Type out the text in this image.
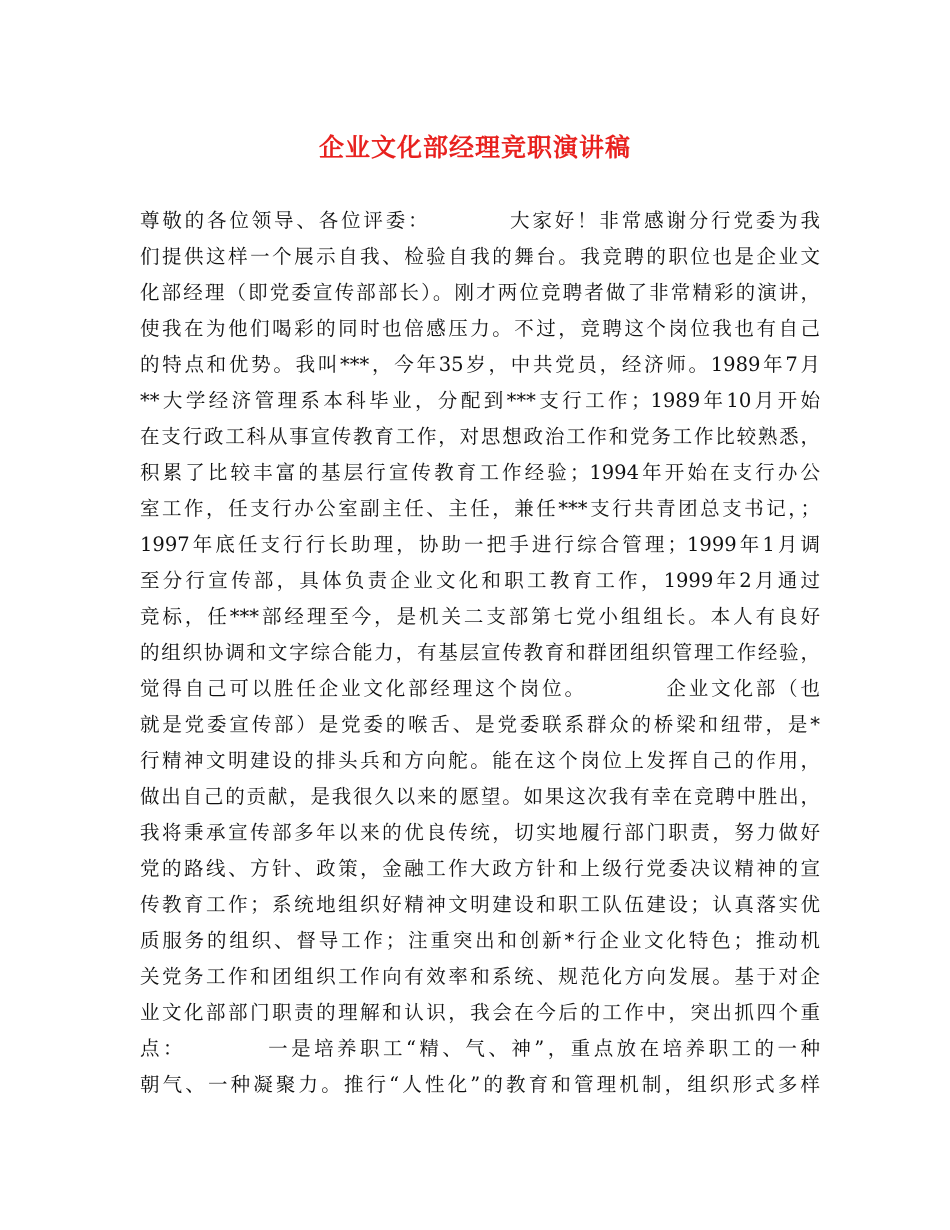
企业文化部经理竞职演讲稿
尊敬的各位领导、各位评委：　　　　大家好！非常感谢分行党委为我
们提供这样一个展示自我、检验自我的舞台。我竞聘的职位也是企业文
化部经理（即党委宣传部部长）。刚才两位竞聘者做了非常精彩的演讲，
使我在为他们喝彩的同时也倍感压力。不过，竞聘这个岗位我也有自己
的特点和优势。我叫***，今年35岁，中共党员，经济师。1989年7月
**大学经济管理系本科毕业，分配到***支行工作；1989年10月开始
在支行政工科从事宣传教育工作，对思想政治工作和党务工作比较熟悉，
积累了比较丰富的基层行宣传教育工作经验；1994年开始在支行办公
室工作，任支行办公室副主任、主任，兼任***支行共青团总支书记，；
1997年底任支行行长助理，协助一把手进行综合管理；1999年1月调
至分行宣传部，具体负责企业文化和职工教育工作，1999年2月通过
竞标，任***部经理至今，是机关二支部第七党小组组长。本人有良好
的组织协调和文字综合能力，有基层宣传教育和群团组织管理工作经验，
觉得自己可以胜任企业文化部经理这个岗位。　　　　企业文化部（也
就是党委宣传部）是党委的喉舌、是党委联系群众的桥梁和纽带，是*
行精神文明建设的排头兵和方向舵。能在这个岗位上发挥自己的作用，
做出自己的贡献，是我很久以来的愿望。如果这次我有幸在竞聘中胜出，
我将秉承宣传部多年以来的优良传统，切实地履行部门职责，努力做好
党的路线、方针、政策，金融工作大政方针和上级行党委决议精神的宣
传教育工作；系统地组织好精神文明建设和职工队伍建设；认真落实优
质服务的组织、督导工作；注重突出和创新*行企业文化特色；推动机
关党务工作和团组织工作向有效率和系统、规范化方向发展。基于对企
业文化部部门职责的理解和认识，我会在今后的工作中，突出抓四个重
点：　　　　一是培养职工“精、气、神”，重点放在培养职工的一种
朝气、一种凝聚力。推行“人性化”的教育和管理机制，组织形式多样
